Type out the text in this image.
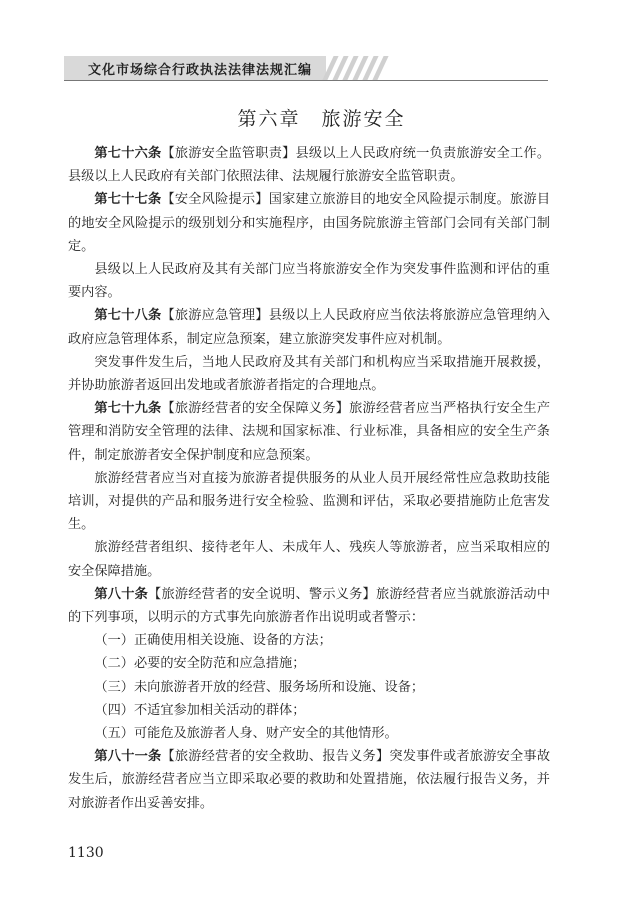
文化市场综合行政执法法律法规汇编
第六章　旅游安全

第七十六条【旅游安全监管职责】县级以上人民政府统一负责旅游安全工作。县级以上人民政府有关部门依照法律、法规履行旅游安全监管职责。

第七十七条【安全风险提示】国家建立旅游目的地安全风险提示制度。旅游目的地安全风险提示的级别划分和实施程序，由国务院旅游主管部门会同有关部门制定。

县级以上人民政府及其有关部门应当将旅游安全作为突发事件监测和评估的重要内容。

第七十八条【旅游应急管理】县级以上人民政府应当依法将旅游应急管理纳入政府应急管理体系，制定应急预案，建立旅游突发事件应对机制。

突发事件发生后，当地人民政府及其有关部门和机构应当采取措施开展救援，并协助旅游者返回出发地或者旅游者指定的合理地点。

第七十九条【旅游经营者的安全保障义务】旅游经营者应当严格执行安全生产管理和消防安全管理的法律、法规和国家标准、行业标准，具备相应的安全生产条件，制定旅游者安全保护制度和应急预案。

旅游经营者应当对直接为旅游者提供服务的从业人员开展经常性应急救助技能培训，对提供的产品和服务进行安全检验、监测和评估，采取必要措施防止危害发生。

旅游经营者组织、接待老年人、未成年人、残疾人等旅游者，应当采取相应的安全保障措施。

第八十条【旅游经营者的安全说明、警示义务】旅游经营者应当就旅游活动中的下列事项，以明示的方式事先向旅游者作出说明或者警示：

（一）正确使用相关设施、设备的方法；

（二）必要的安全防范和应急措施；

（三）未向旅游者开放的经营、服务场所和设施、设备；

（四）不适宜参加相关活动的群体；

（五）可能危及旅游者人身、财产安全的其他情形。

第八十一条【旅游经营者的安全救助、报告义务】突发事件或者旅游安全事故发生后，旅游经营者应当立即采取必要的救助和处置措施，依法履行报告义务，并对旅游者作出妥善安排。

1130
